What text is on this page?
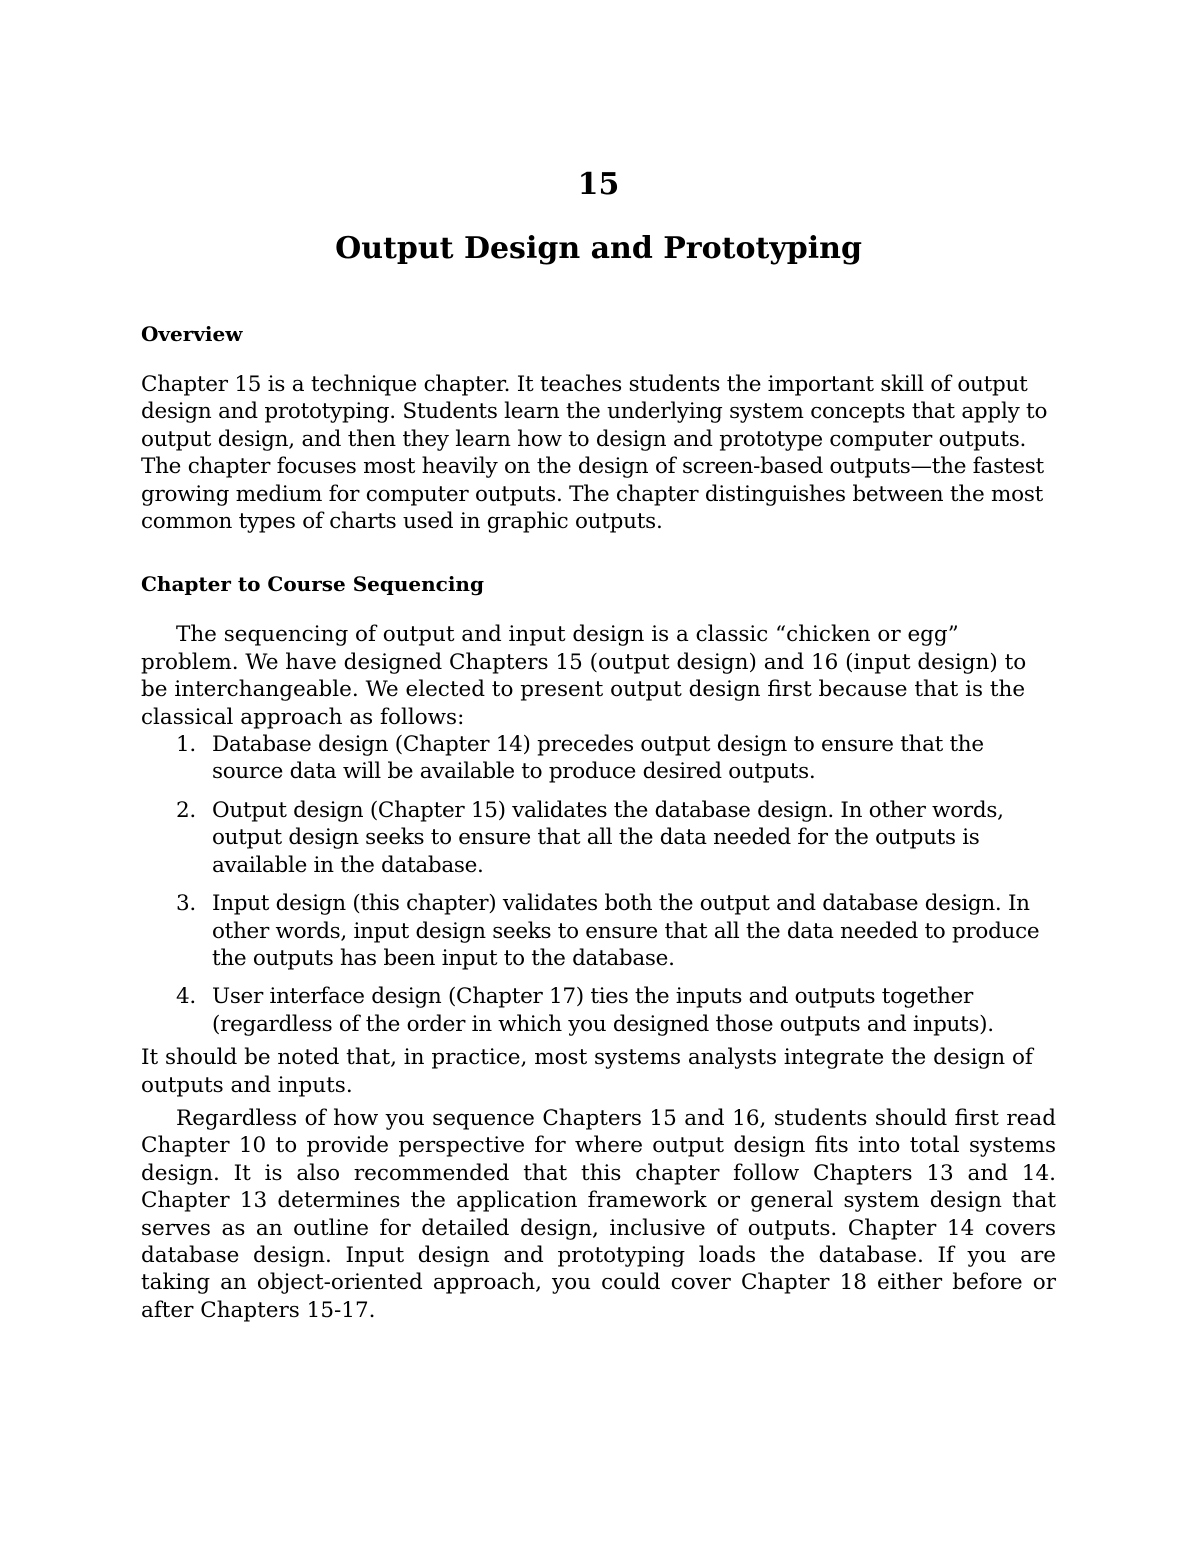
15
Output Design and Prototyping
Overview

Chapter 15 is a technique chapter. It teaches students the important skill of output design and prototyping. Students learn the underlying system concepts that apply to output design, and then they learn how to design and prototype computer outputs. The chapter focuses most heavily on the design of screen-based outputs—the fastest growing medium for computer outputs. The chapter distinguishes between the most common types of charts used in graphic outputs.

Chapter to Course Sequencing

The sequencing of output and input design is a classic “chicken or egg” problem. We have designed Chapters 15 (output design) and 16 (input design) to be interchangeable. We elected to present output design first because that is the classical approach as follows:

1. Database design (Chapter 14) precedes output design to ensure that the source data will be available to produce desired outputs.
2. Output design (Chapter 15) validates the database design. In other words, output design seeks to ensure that all the data needed for the outputs is available in the database.
3. Input design (this chapter) validates both the output and database design. In other words, input design seeks to ensure that all the data needed to produce the outputs has been input to the database.
4. User interface design (Chapter 17) ties the inputs and outputs together (regardless of the order in which you designed those outputs and inputs).

It should be noted that, in practice, most systems analysts integrate the design of outputs and inputs.

Regardless of how you sequence Chapters 15 and 16, students should first read Chapter 10 to provide perspective for where output design fits into total systems design. It is also recommended that this chapter follow Chapters 13 and 14. Chapter 13 determines the application framework or general system design that serves as an outline for detailed design, inclusive of outputs. Chapter 14 covers database design. Input design and prototyping loads the database. If you are taking an object-oriented approach, you could cover Chapter 18 either before or after Chapters 15-17.
